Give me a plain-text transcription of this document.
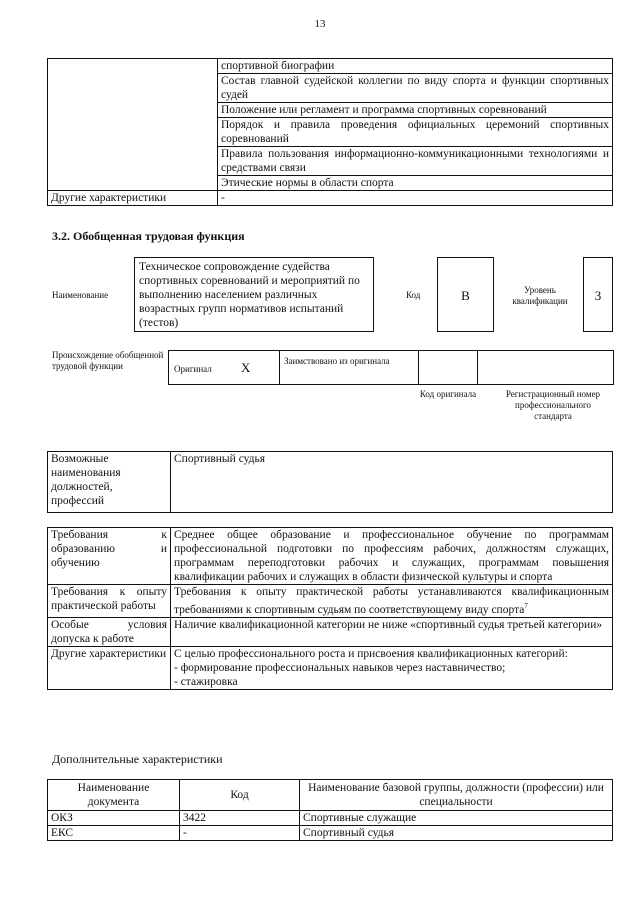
13
	спортивной биографии
	Состав главной судейской коллегии по виду спорта и функции спортивных судей
	Положение или регламент и программа спортивных соревнований
	Порядок и правила проведения официальных церемоний спортивных соревнований
	Правила пользования информационно-коммуникационными технологиями и средствами связи
	Этические нормы в области спорта
Другие характеристики	-
3.2. Обобщенная трудовая функция
Наименование
Техническое сопровождение судейства спортивных соревнований и мероприятий по выполнению населением различных возрастных групп нормативов испытаний (тестов)
Код	B	Уровень квалификации	3
Происхождение обобщенной трудовой функции	Оригинал X	Заимствовано из оригинала
Код оригинала	Регистрационный номер профессионального стандарта
Возможные наименования должностей, профессий	Спортивный судья
Требования к образованию и обучению	Среднее общее образование и профессиональное обучение по программам профессиональной подготовки по профессиям рабочих, должностям служащих, программам переподготовки рабочих и служащих, программам повышения квалификации рабочих и служащих в области физической культуры и спорта
Требования к опыту практической работы	Требования к опыту практической работы устанавливаются квалификационным требованиями к спортивным судьям по соответствующему виду спорта$^7$
Особые условия допуска к работе	Наличие квалификационной категории не ниже «спортивный судья третьей категории»
Другие характеристики	С целью профессионального роста и присвоения квалификационных категорий:
- формирование профессиональных навыков через наставничество;
- стажировка
Дополнительные характеристики
Наименование документа	Код	Наименование базовой группы, должности (профессии) или специальности
ОКЗ	3422	Спортивные служащие
ЕКС	-	Спортивный судья
